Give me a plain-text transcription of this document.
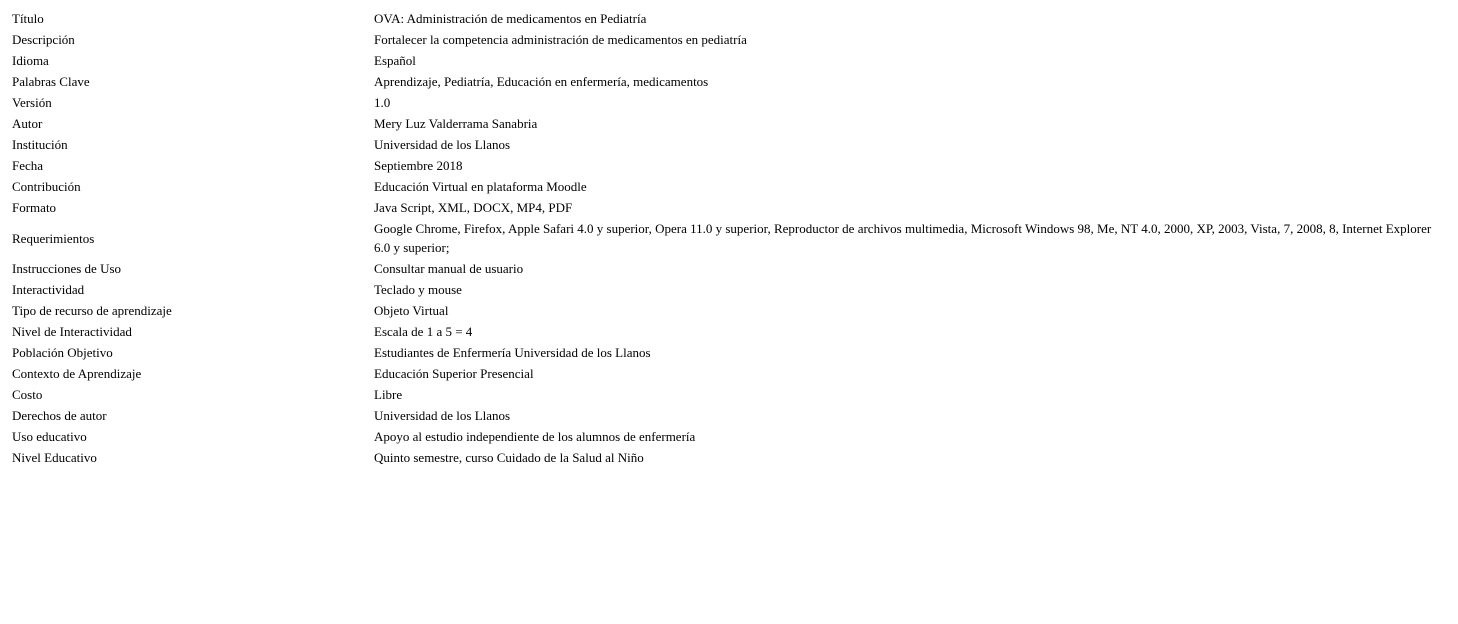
Título	OVA: Administración de medicamentos en Pediatría
Descripción	Fortalecer la competencia administración de medicamentos en pediatría
Idioma	Español
Palabras Clave	Aprendizaje, Pediatría, Educación en enfermería, medicamentos
Versión	1.0
Autor	Mery Luz Valderrama Sanabria
Institución	Universidad de los Llanos
Fecha	Septiembre 2018
Contribución	Educación Virtual en plataforma Moodle
Formato	Java Script, XML, DOCX, MP4, PDF
Requerimientos	Google Chrome, Firefox, Apple Safari 4.0 y superior, Opera 11.0 y superior, Reproductor de archivos multimedia, Microsoft Windows 98, Me, NT 4.0, 2000, XP, 2003, Vista, 7, 2008, 8, Internet Explorer 6.0 y superior;
Instrucciones de Uso	Consultar manual de usuario
Interactividad	Teclado y mouse
Tipo de recurso de aprendizaje	Objeto Virtual
Nivel de Interactividad	Escala de 1 a 5 = 4
Población Objetivo	Estudiantes de Enfermería Universidad de los Llanos
Contexto de Aprendizaje	Educación Superior Presencial
Costo	Libre
Derechos de autor	Universidad de los Llanos
Uso educativo	Apoyo al estudio independiente de los alumnos de enfermería
Nivel Educativo	Quinto semestre, curso Cuidado de la Salud al Niño
